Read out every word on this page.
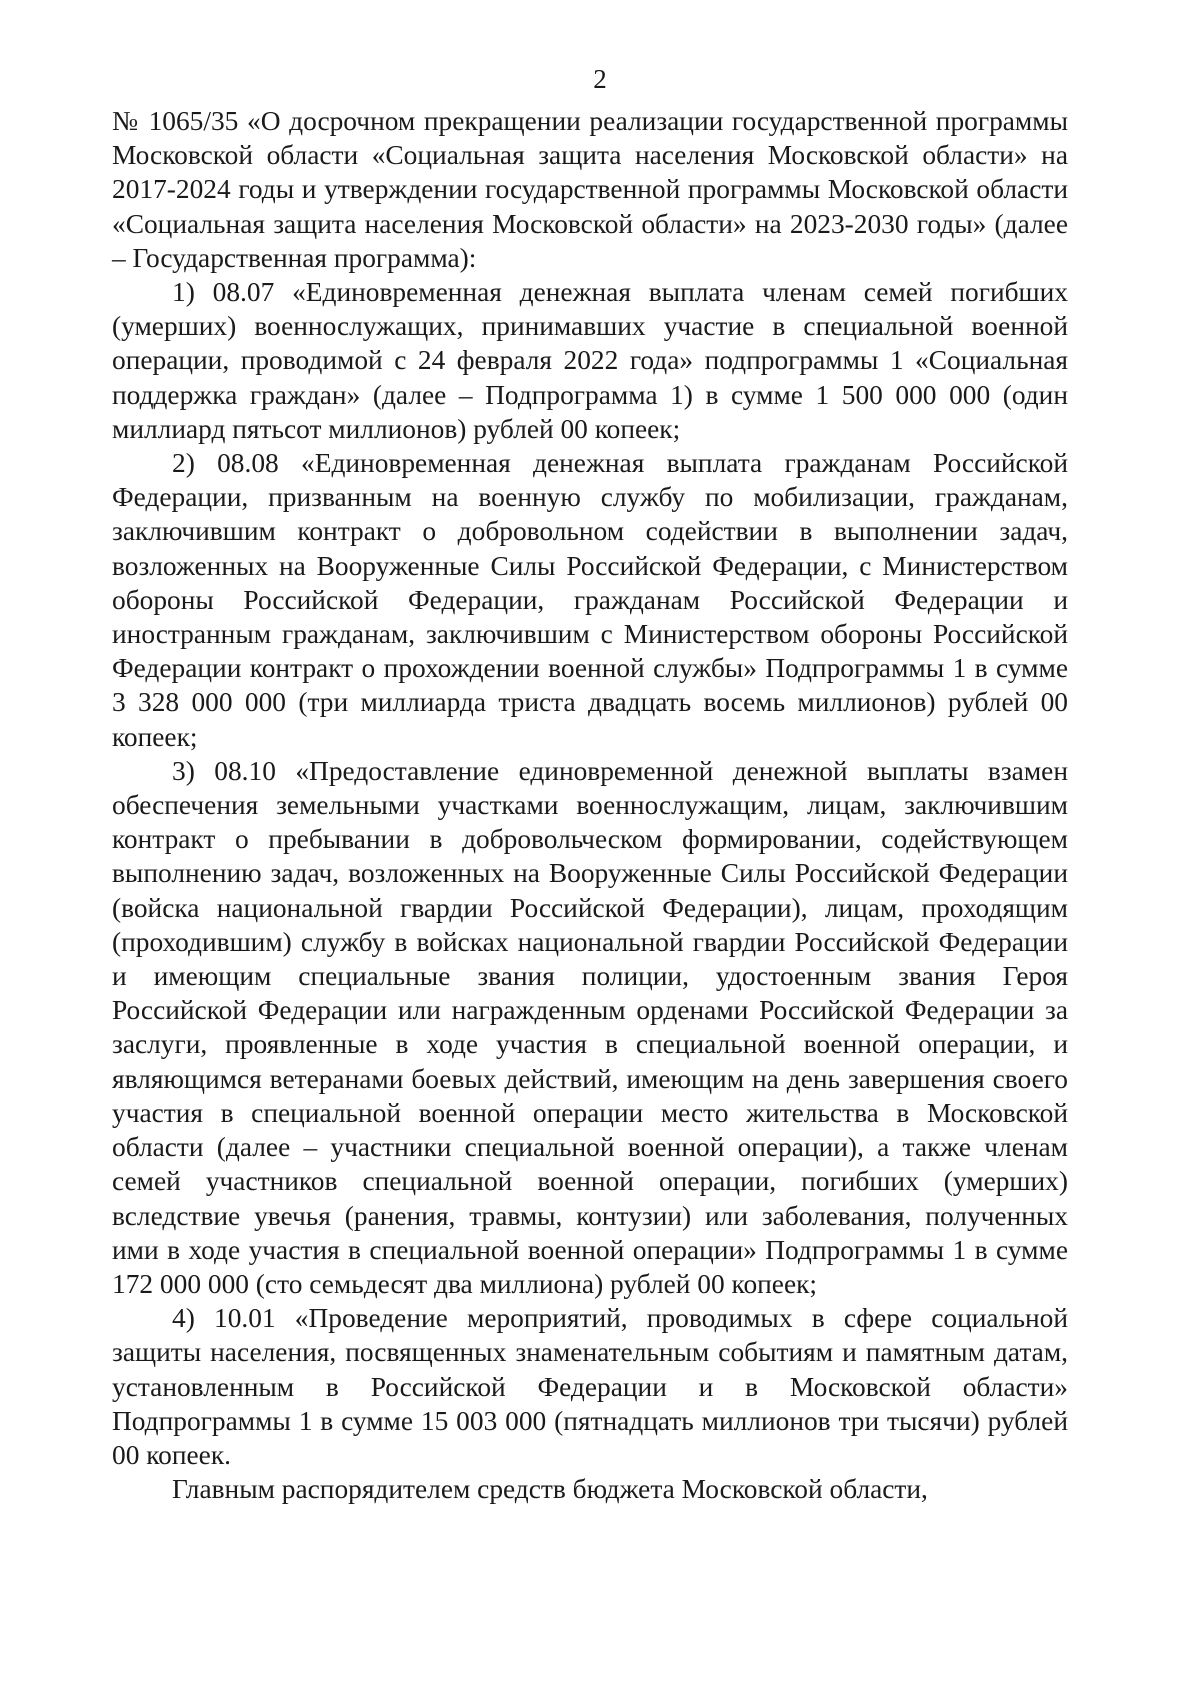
2

№ 1065/35 «О досрочном прекращении реализации государственной программы Московской области «Социальная защита населения Московской области» на 2017-2024 годы и утверждении государственной программы Московской области «Социальная защита населения Московской области» на 2023-2030 годы» (далее – Государственная программа):

1) 08.07 «Единовременная денежная выплата членам семей погибших (умерших) военнослужащих, принимавших участие в специальной военной операции, проводимой с 24 февраля 2022 года» подпрограммы 1 «Социальная поддержка граждан» (далее – Подпрограмма 1) в сумме 1 500 000 000 (один миллиард пятьсот миллионов) рублей 00 копеек;

2) 08.08 «Единовременная денежная выплата гражданам Российской Федерации, призванным на военную службу по мобилизации, гражданам, заключившим контракт о добровольном содействии в выполнении задач, возложенных на Вооруженные Силы Российской Федерации, с Министерством обороны Российской Федерации, гражданам Российской Федерации и иностранным гражданам, заключившим с Министерством обороны Российской Федерации контракт о прохождении военной службы» Подпрограммы 1 в сумме 3 328 000 000 (три миллиарда триста двадцать восемь миллионов) рублей 00 копеек;

3) 08.10 «Предоставление единовременной денежной выплаты взамен обеспечения земельными участками военнослужащим, лицам, заключившим контракт о пребывании в добровольческом формировании, содействующем выполнению задач, возложенных на Вооруженные Силы Российской Федерации (войска национальной гвардии Российской Федерации), лицам, проходящим (проходившим) службу в войсках национальной гвардии Российской Федерации и имеющим специальные звания полиции, удостоенным звания Героя Российской Федерации или награжденным орденами Российской Федерации за заслуги, проявленные в ходе участия в специальной военной операции, и являющимся ветеранами боевых действий, имеющим на день завершения своего участия в специальной военной операции место жительства в Московской области (далее – участники специальной военной операции), а также членам семей участников специальной военной операции, погибших (умерших) вследствие увечья (ранения, травмы, контузии) или заболевания, полученных ими в ходе участия в специальной военной операции» Подпрограммы 1 в сумме 172 000 000 (сто семьдесят два миллиона) рублей 00 копеек;

4) 10.01 «Проведение мероприятий, проводимых в сфере социальной защиты населения, посвященных знаменательным событиям и памятным датам, установленным в Российской Федерации и в Московской области» Подпрограммы 1 в сумме 15 003 000 (пятнадцать миллионов три тысячи) рублей 00 копеек.

Главным распорядителем средств бюджета Московской области,
